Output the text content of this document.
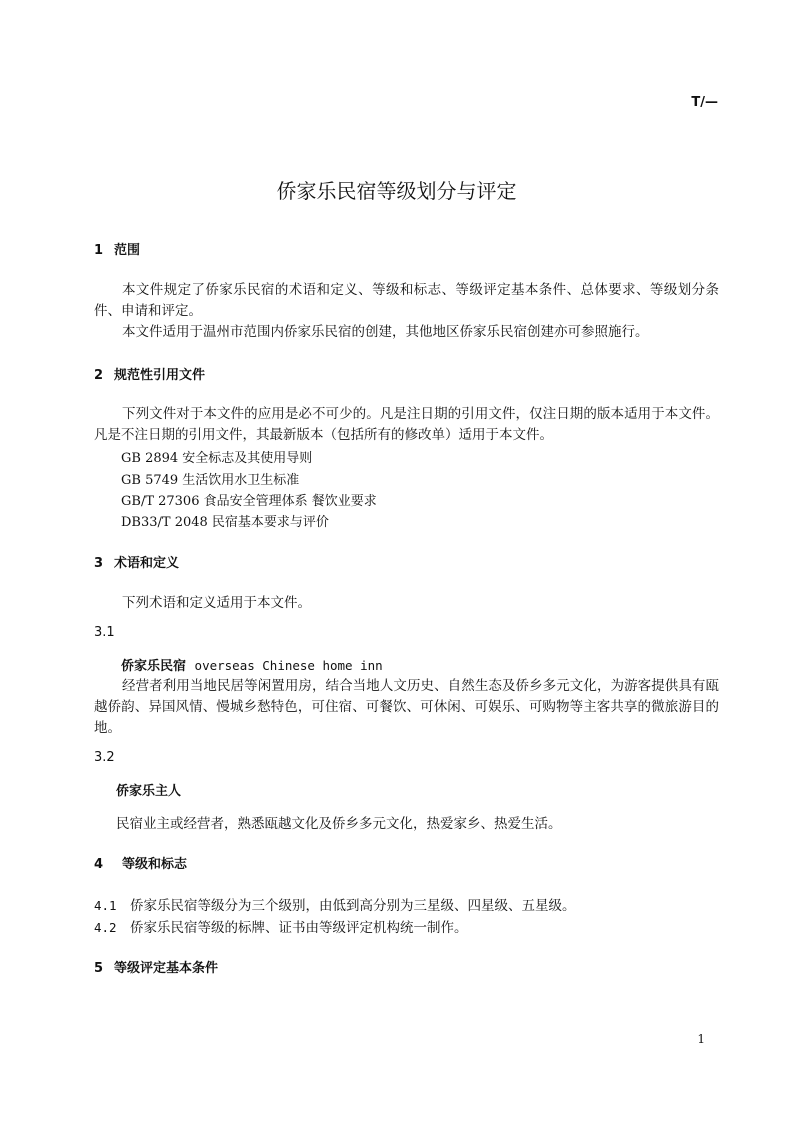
T/—
侨家乐民宿等级划分与评定
1 范围
本文件规定了侨家乐民宿的术语和定义、等级和标志、等级评定基本条件、总体要求、等级划分条件、申请和评定。
本文件适用于温州市范围内侨家乐民宿的创建，其他地区侨家乐民宿创建亦可参照施行。
2 规范性引用文件
下列文件对于本文件的应用是必不可少的。凡是注日期的引用文件，仅注日期的版本适用于本文件。凡是不注日期的引用文件，其最新版本（包括所有的修改单）适用于本文件。
GB 2894 安全标志及其使用导则
GB 5749 生活饮用水卫生标准
GB/T 27306 食品安全管理体系 餐饮业要求
DB33/T 2048 民宿基本要求与评价
3 术语和定义
下列术语和定义适用于本文件。
3.1
侨家乐民宿 overseas Chinese home inn
经营者利用当地民居等闲置用房，结合当地人文历史、自然生态及侨乡多元文化，为游客提供具有瓯越侨韵、异国风情、慢城乡愁特色，可住宿、可餐饮、可休闲、可娱乐、可购物等主客共享的微旅游目的地。
3.2
侨家乐主人
民宿业主或经营者，熟悉瓯越文化及侨乡多元文化，热爱家乡、热爱生活。
4 等级和标志
4.1 侨家乐民宿等级分为三个级别，由低到高分别为三星级、四星级、五星级。
4.2 侨家乐民宿等级的标牌、证书由等级评定机构统一制作。
5 等级评定基本条件
1
